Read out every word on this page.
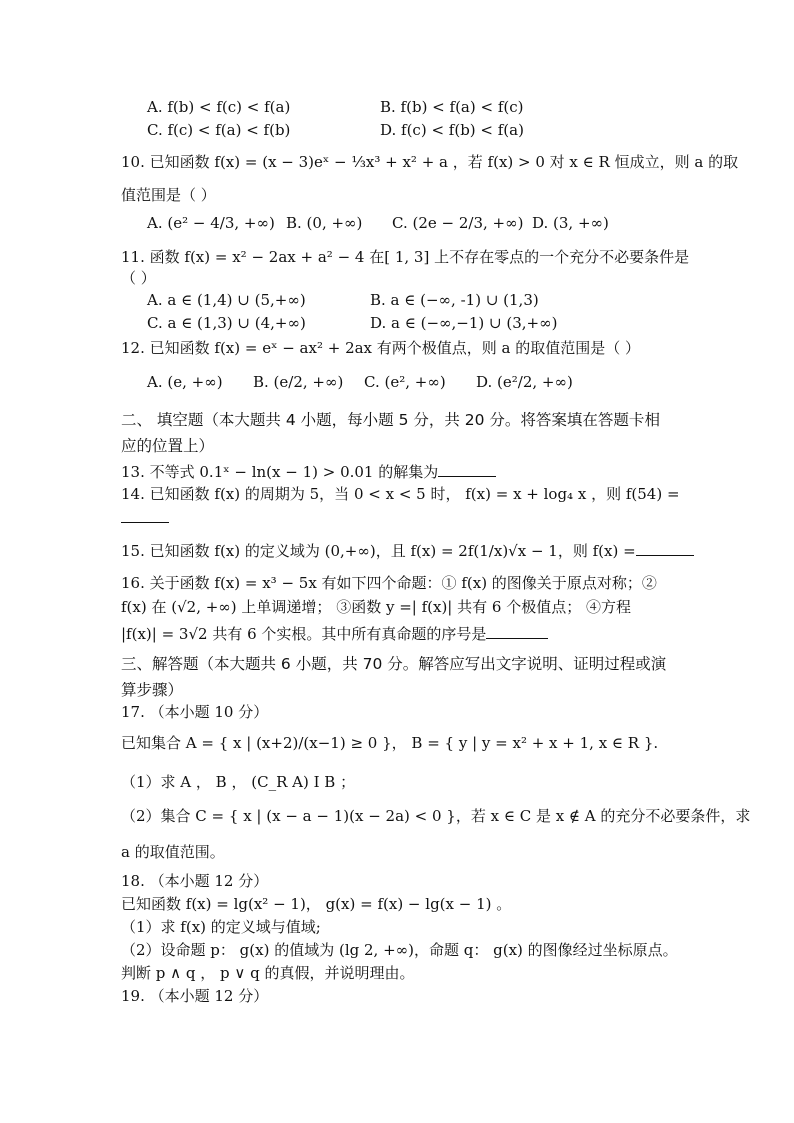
A. f(b) < f(c) < f(a)	B. f(b) < f(a) < f(c)
C. f(c) < f(a) < f(b)	D. f(c) < f(b) < f(a)
10. 已知函数 f(x) = (x − 3)eˣ − ⅓x³ + x² + a ，若 f(x) > 0 对 x ∈ R 恒成立，则 a 的取
值范围是（ ）
A. (e² − 4/3, +∞) B. (0, +∞) C. (2e − 2/3, +∞) D. (3, +∞)
11. 函数 f(x) = x² − 2ax + a² − 4 在[ 1, 3] 上不存在零点的一个充分不必要条件是
（ ）
A. a ∈ (1,4) ∪ (5,+∞)	B. a ∈ (−∞, -1) ∪ (1,3)
C. a ∈ (1,3) ∪ (4,+∞)	D. a ∈ (−∞,−1) ∪ (3,+∞)
12. 已知函数 f(x) = eˣ − ax² + 2ax 有两个极值点，则 a 的取值范围是（ ）
A. (e, +∞) B. (e/2, +∞) C. (e², +∞) D. (e²/2, +∞)
二、 填空题（本大题共 4 小题，每小题 5 分，共 20 分。将答案填在答题卡相
应的位置上）
13. 不等式 0.1ˣ − ln(x − 1) > 0.01 的解集为
14. 已知函数 f(x) 的周期为 5，当 0 < x < 5 时， f(x) = x + log₄ x ，则 f(54) =
15. 已知函数 f(x) 的定义域为 (0,+∞)，且 f(x) = 2f(1/x)√x − 1，则 f(x) =
16. 关于函数 f(x) = x³ − 5x 有如下四个命题：① f(x) 的图像关于原点对称；②
f(x) 在 (√2, +∞) 上单调递增； ③函数 y =| f(x)| 共有 6 个极值点； ④方程
|f(x)| = 3√2 共有 6 个实根。其中所有真命题的序号是
三、解答题（本大题共 6 小题，共 70 分。解答应写出文字说明、证明过程或演
算步骤）
17. （本小题 10 分）
已知集合 A = { x | (x+2)/(x−1) ≥ 0 }， B = { y | y = x² + x + 1, x ∈ R }.
（1）求 A ， B ， (C_R A) I B ；
（2）集合 C = { x | (x − a − 1)(x − 2a) < 0 }，若 x ∈ C 是 x ∉ A 的充分不必要条件，求
a 的取值范围。
18. （本小题 12 分）
已知函数 f(x) = lg(x² − 1)， g(x) = f(x) − lg(x − 1) 。
（1）求 f(x) 的定义域与值域;
（2）设命题 p： g(x) 的值域为 (lg 2, +∞)，命题 q： g(x) 的图像经过坐标原点。
判断 p ∧ q ， p ∨ q 的真假，并说明理由。
19. （本小题 12 分）
